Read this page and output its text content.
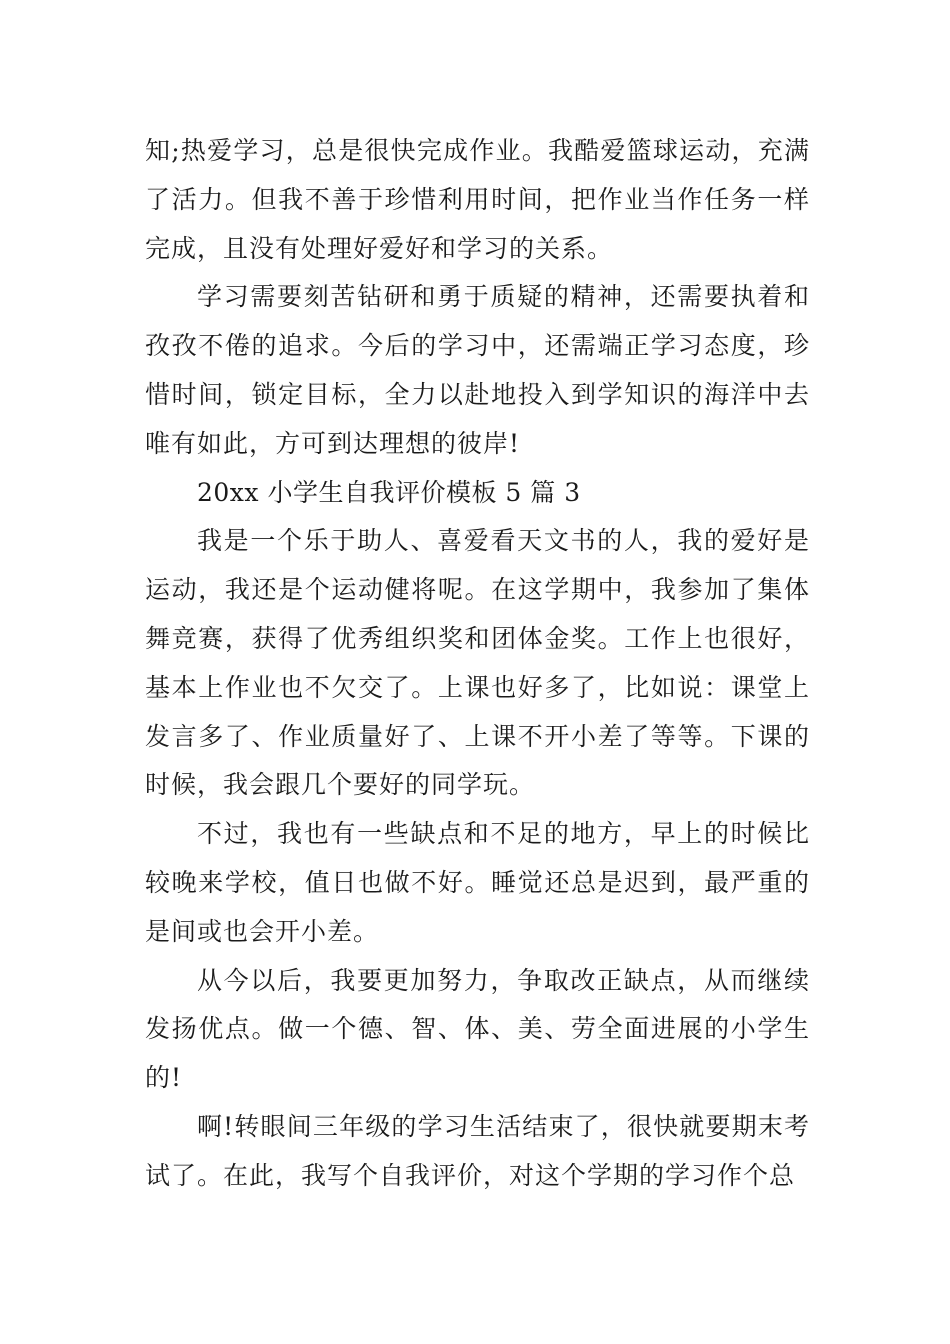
知;热爱学习，总是很快完成作业。我酷爱篮球运动，充满了活力。但我不善于珍惜利用时间，把作业当作任务一样完成，且没有处理好爱好和学习的关系。

学习需要刻苦钻研和勇于质疑的精神，还需要执着和孜孜不倦的追求。今后的学习中，还需端正学习态度，珍惜时间，锁定目标，全力以赴地投入到学知识的海洋中去唯有如此，方可到达理想的彼岸!

20xx 小学生自我评价模板 5 篇 3

我是一个乐于助人、喜爱看天文书的人，我的爱好是运动，我还是个运动健将呢。在这学期中，我参加了集体舞竞赛，获得了优秀组织奖和团体金奖。工作上也很好，基本上作业也不欠交了。上课也好多了，比如说：课堂上发言多了、作业质量好了、上课不开小差了等等。下课的时候，我会跟几个要好的同学玩。

不过，我也有一些缺点和不足的地方，早上的时候比较晚来学校，值日也做不好。睡觉还总是迟到，最严重的是间或也会开小差。

从今以后，我要更加努力，争取改正缺点，从而继续发扬优点。做一个德、智、体、美、劳全面进展的小学生的!

啊!转眼间三年级的学习生活结束了，很快就要期末考试了。在此，我写个自我评价，对这个学期的学习作个总
